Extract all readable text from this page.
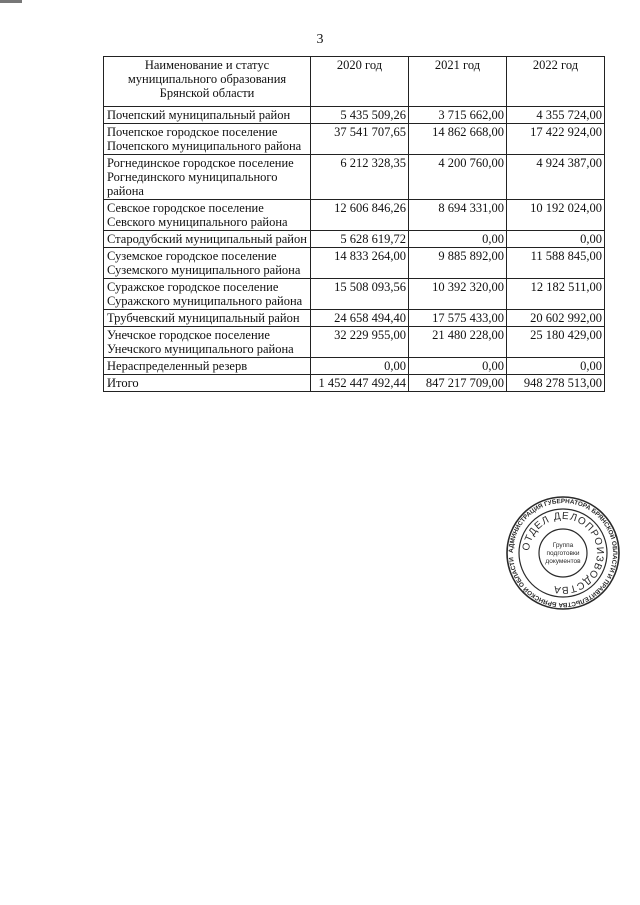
3
Наименование и статус муниципального образования Брянской области	2020 год	2021 год	2022 год
Почепский муниципальный район	5 435 509,26	3 715 662,00	4 355 724,00
Почепское городское поселение Почепского муниципального района	37 541 707,65	14 862 668,00	17 422 924,00
Рогнединское городское поселение Рогнединского муниципального района	6 212 328,35	4 200 760,00	4 924 387,00
Севское городское поселение Севского муниципального района	12 606 846,26	8 694 331,00	10 192 024,00
Стародубский муниципальный район	5 628 619,72	0,00	0,00
Суземское городское поселение Суземского муниципального района	14 833 264,00	9 885 892,00	11 588 845,00
Суражское городское поселение Суражского муниципального района	15 508 093,56	10 392 320,00	12 182 511,00
Трубчевский муниципальный район	24 658 494,40	17 575 433,00	20 602 992,00
Унечское городское поселение Унечского муниципального района	32 229 955,00	21 480 228,00	25 180 429,00
Нераспределенный резерв	0,00	0,00	0,00
Итого	1 452 447 492,44	847 217 709,00	948 278 513,00
АДМИНИСТРАЦИЯ ГУБЕРНАТОРА БРЯНСКОЙ ОБЛАСТИ И ПРАВИТЕЛЬСТВА БРЯНСКОЙ ОБЛАСТИ
ОТДЕЛ ДЕЛОПРОИЗВОДСТВА
Группа
подготовки
документов
